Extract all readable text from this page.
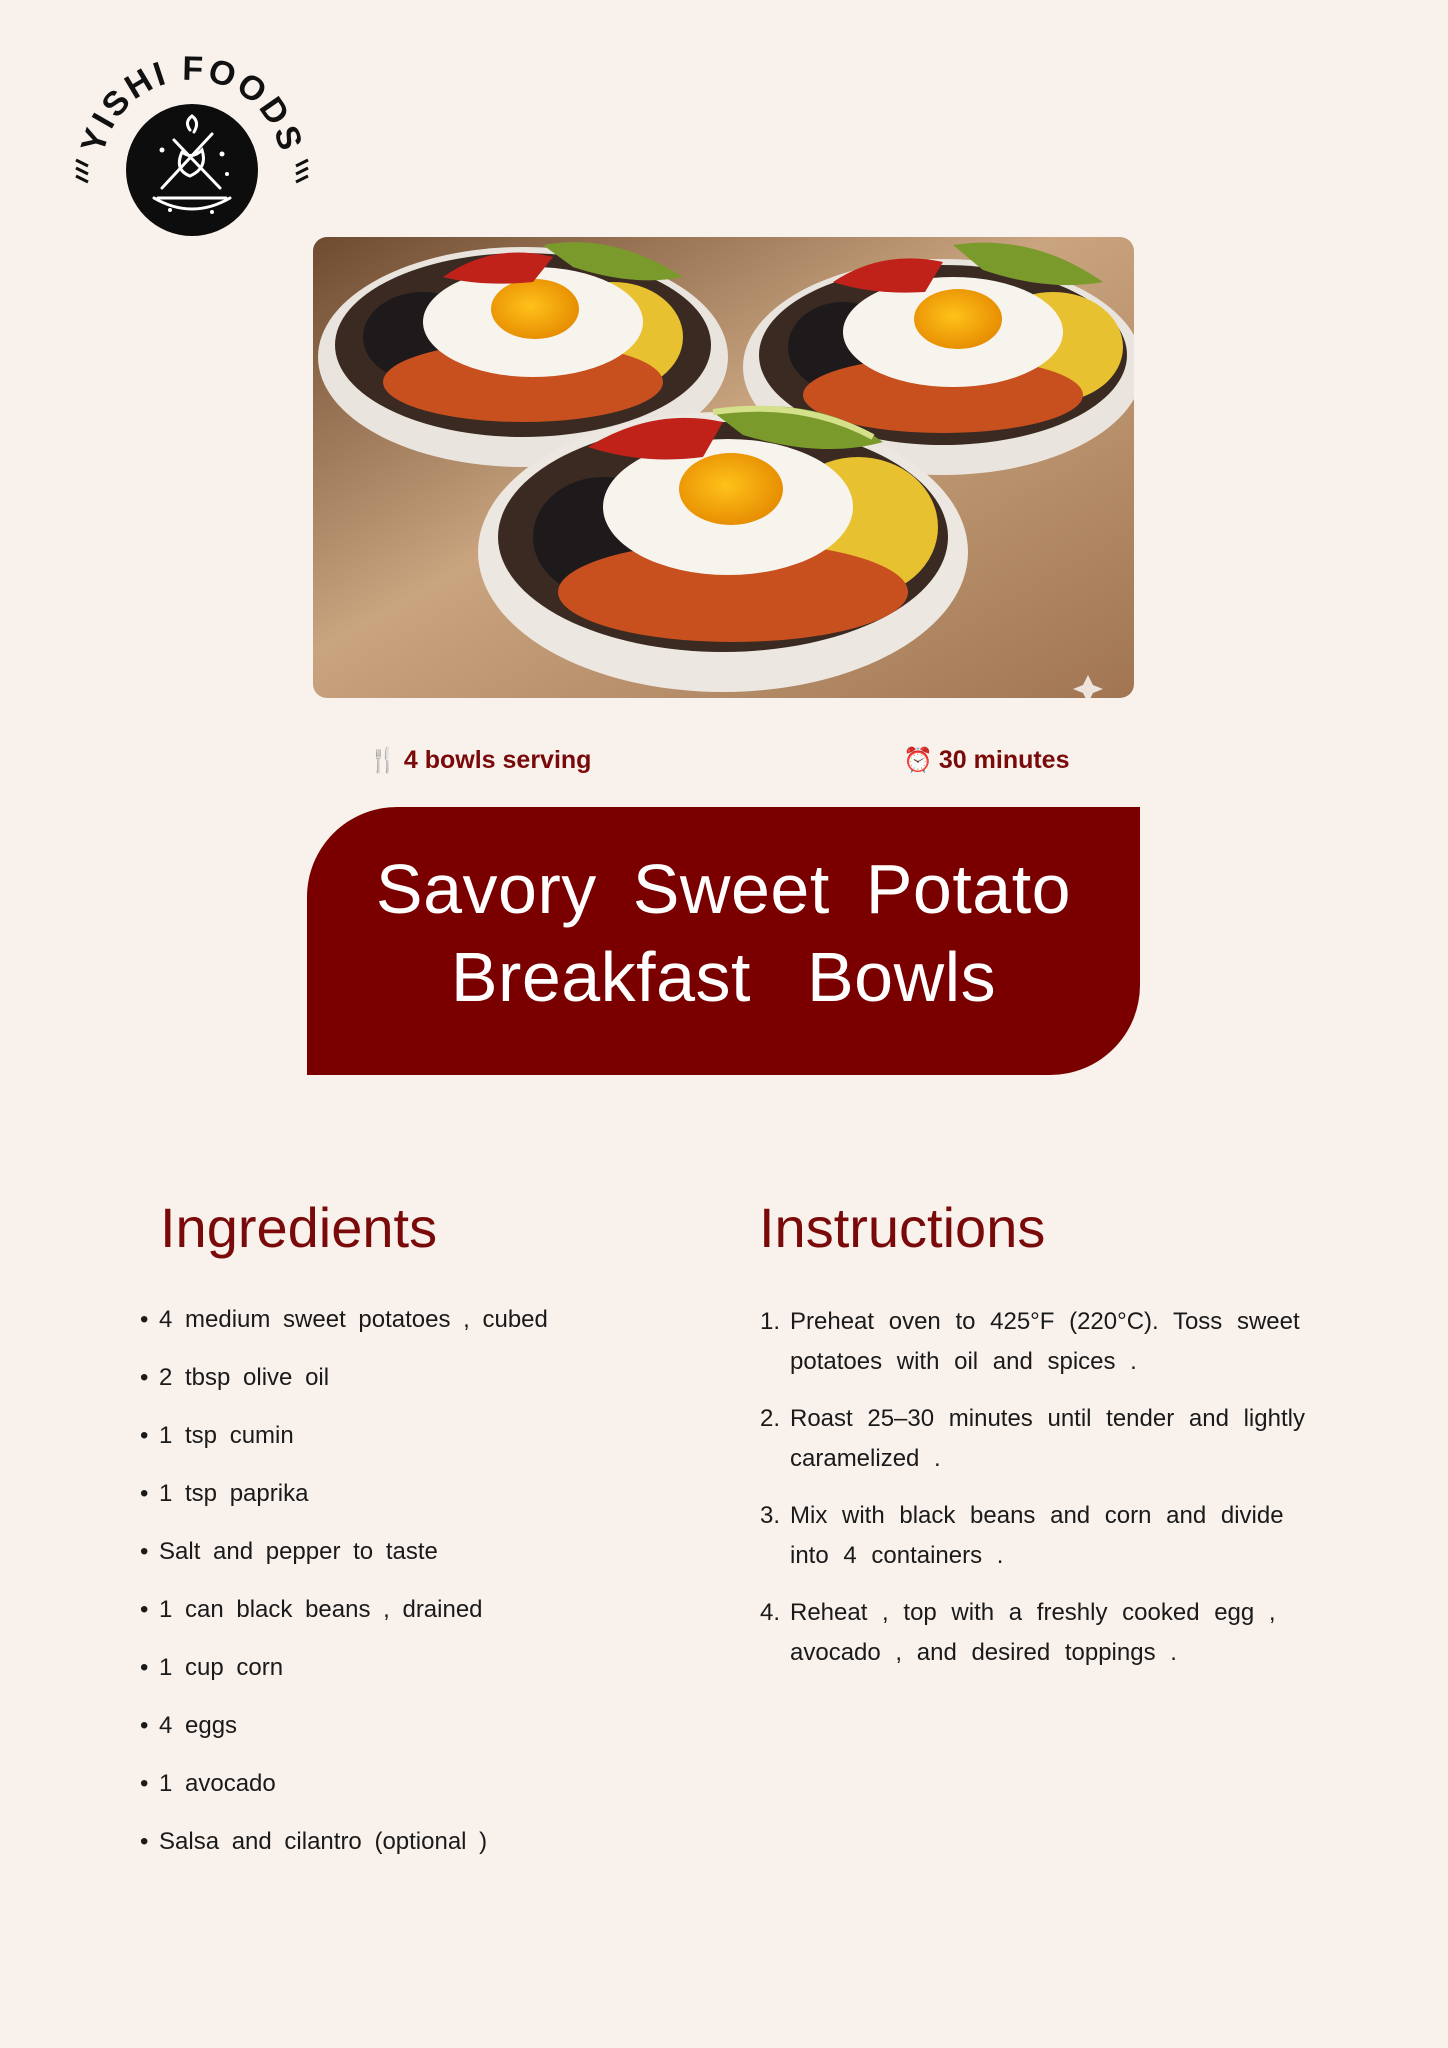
YISHI FOODS
🍴 4 bowls serving	⏰ 30 minutes
Savory Sweet Potato
Breakfast Bowls
Ingredients	Instructions
• 4 medium sweet potatoes , cubed
• 2 tbsp olive oil
• 1 tsp cumin
• 1 tsp paprika
• Salt and pepper to taste
• 1 can black beans , drained
• 1 cup corn
• 4 eggs
• 1 avocado
• Salsa and cilantro (optional )
1. Preheat oven to 425°F (220°C). Toss sweet potatoes with oil and spices .
2. Roast 25–30 minutes until tender and lightly caramelized .
3. Mix with black beans and corn and divide into 4 containers .
4. Reheat , top with a freshly cooked egg , avocado , and desired toppings .
